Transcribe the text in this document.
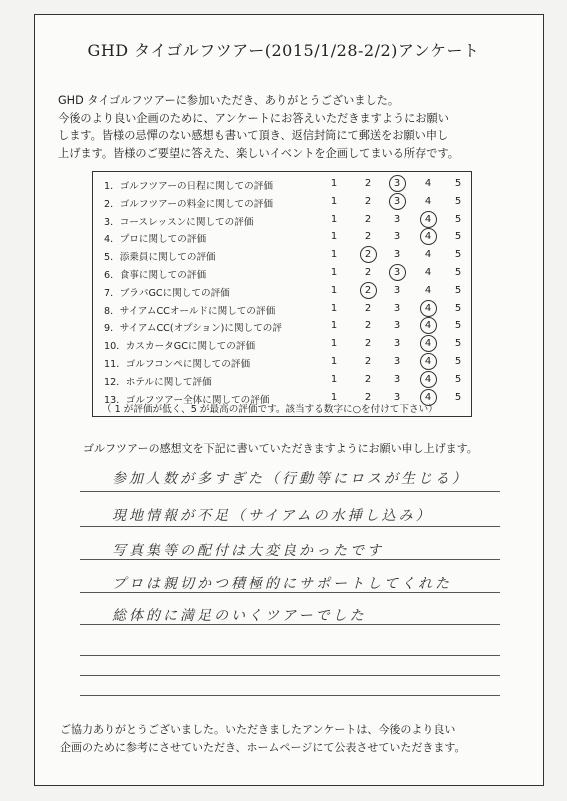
GHD タイゴルフツアー(2015/1/28-2/2)アンケート
GHD タイゴルフツアーに参加いただき、ありがとうございました。
今後のより良い企画のために、アンケートにお答えいただきますようにお願い
します。皆様の忌憚のない感想も書いて頂き、返信封筒にて郵送をお願い申し
上げます。皆様のご要望に答えた、楽しいイベントを企画してまいる所存です。
1．ゴルフツアーの日程に関しての評価	1	2	3	4	5
2．ゴルフツアーの料金に関しての評価	1	2	3	4	5
3．コースレッスンに関しての評価	1	2	3	4	5
4．プロに関しての評価	1	2	3	4	5
5．添乗員に関しての評価	1	2	3	4	5
6．食事に関しての評価	1	2	3	4	5
7．ブラパGCに関しての評価	1	2	3	4	5
8．サイアムCCオールドに関しての評価	1	2	3	4	5
9．サイアムCC(オプション)に関しての評	1	2	3	4	5
10．カスカータGCに関しての評価	1	2	3	4	5
11．ゴルフコンペに関しての評価	1	2	3	4	5
12．ホテルに関して評価	1	2	3	4	5
13．ゴルフツアー全体に関しての評価	1	2	3	4	5
（ 1 が評価が低く、5 が最高の評価です。該当する数字に○を付けて下さい）
ゴルフツアーの感想文を下記に書いていただきますようにお願い申し上げます。
参加人数が多すぎた（行動等にロスが生じる）
現地情報が不足（サイアムの水挿し込み）
写真集等の配付は大変良かったです
プロは親切かつ積極的にサポートしてくれた
総体的に満足のいくツアーでした
ご協力ありがとうございました。いただきましたアンケートは、今後のより良い
企画のために参考にさせていただき、ホームページにて公表させていただきます。
